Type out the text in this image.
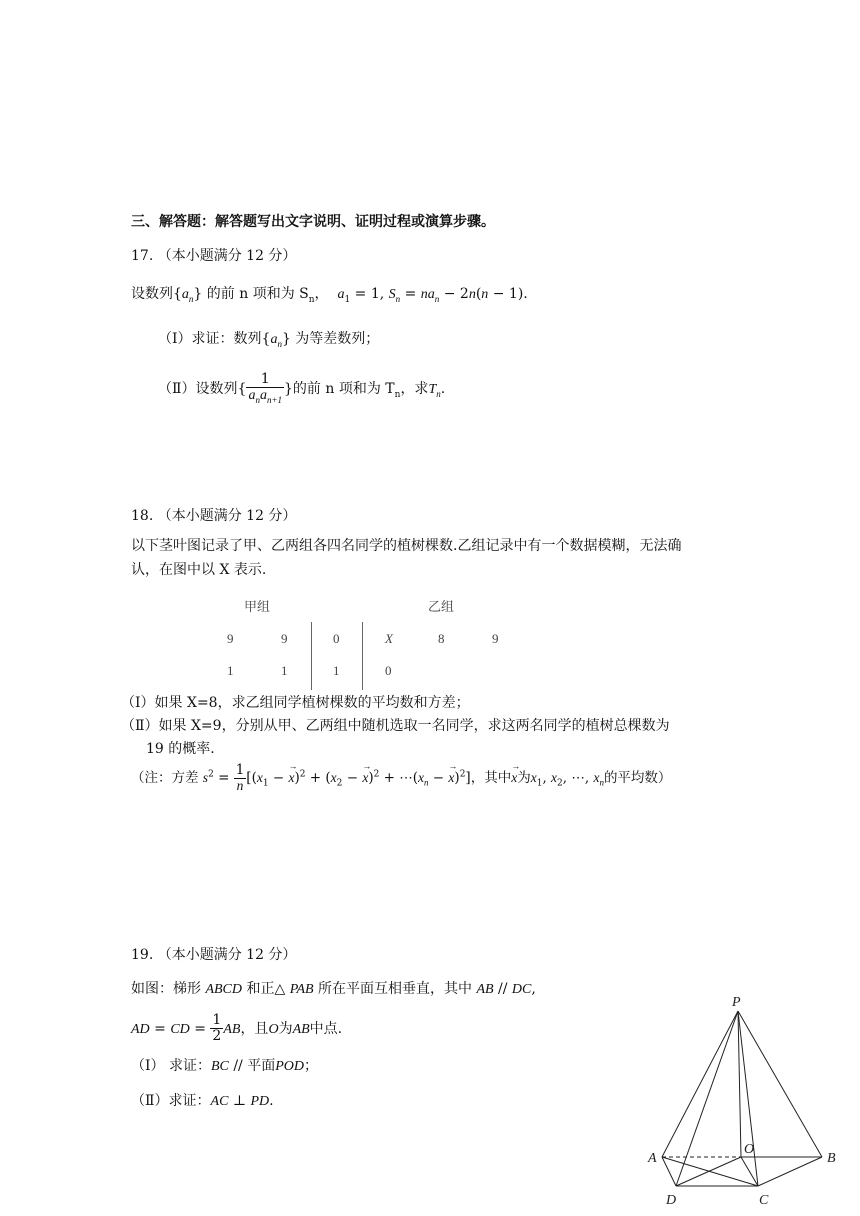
三、解答题：解答题写出文字说明、证明过程或演算步骤。
17. （本小题满分 12 分）
设数列$\{a_n\}$ 的前 n 项和为 $S_n$， $a_1 = 1$, $S_n = na_n - 2n(n - 1)$.
（Ⅰ）求证：数列$\{a_n\}$ 为等差数列；
（Ⅱ）设数列{ $\frac{1}{a_na_{n+1}}$ }的前 n 项和为 $T_n$，求$T_n$.
18. （本小题满分 12 分）
以下茎叶图记录了甲、乙两组各四名同学的植树棵数.乙组记录中有一个数据模糊，无法确
认，在图中以 X 表示.
甲组	乙组
9	9	0	X	8	9
1	1	1	0
（Ⅰ）如果 X=8，求乙组同学植树棵数的平均数和方差；
（Ⅱ）如果 X=9，分别从甲、乙两组中随机选取一名同学，求这两名同学的植树总棵数为
19 的概率.
（注：方差 $s^2 = \frac{1}{n} [(x_1$ − → $x)^2 + (x_2$ − → $x)^2 + \cdots(x_n$ − → x)$^2$]，其中→ x为$x_1$, $x_2$, ⋯, $x_n$的平均数）
19. （本小题满分 12 分）
如图：梯形 ABCD 和正△ PAB 所在平面互相垂直，其中 AB // DC,
AD = CD = $\frac{1}{2}$ AB，且O为AB中点.
（Ⅰ） 求证：BC // 平面POD；
（Ⅱ）求证：AC ⊥ PD.
P
A	B
O
D	C
